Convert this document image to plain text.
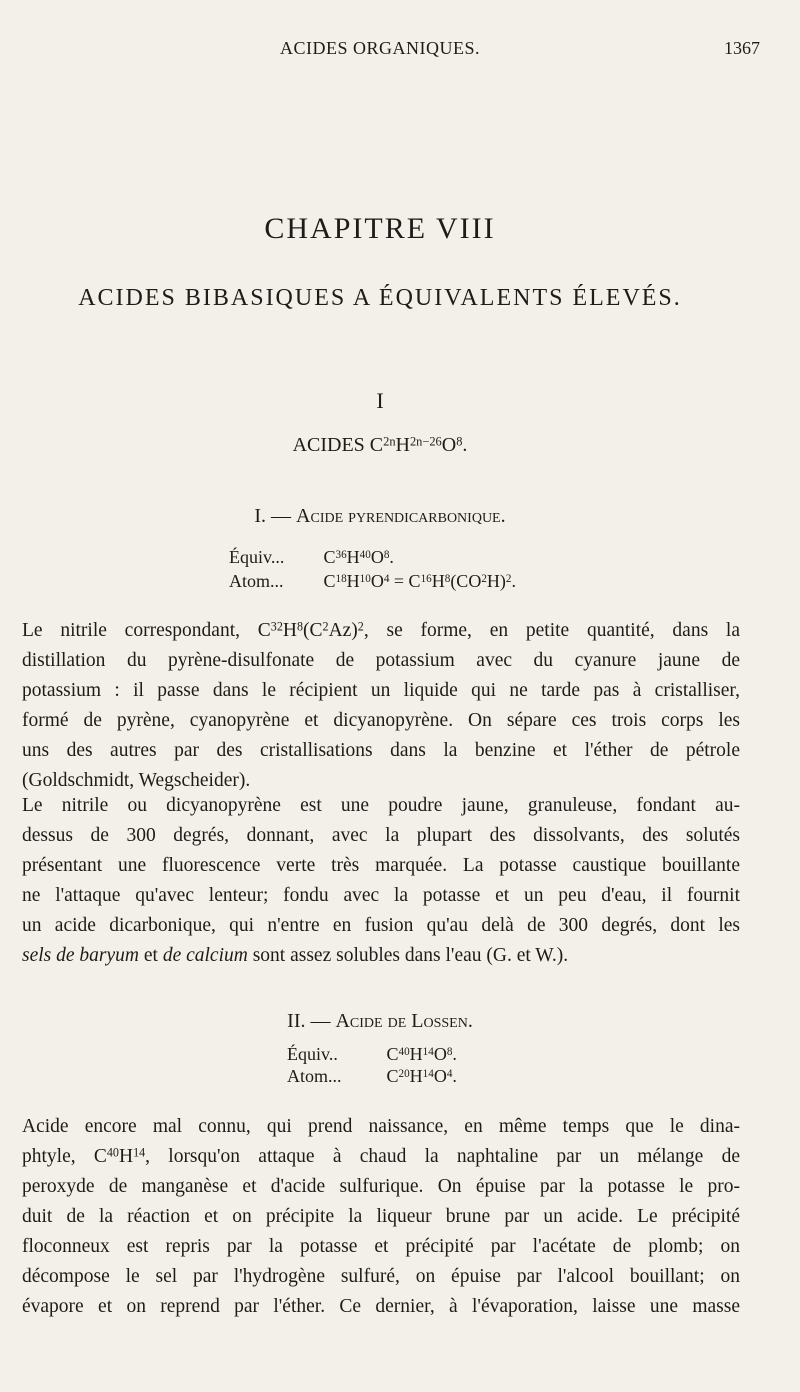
ACIDES ORGANIQUES.	1367
CHAPITRE VIII
ACIDES BIBASIQUES A ÉQUIVALENTS ÉLEVÉS.
I
ACIDES $C^{2n}H^{2n-26}O^8$.
I. — Acide pyrendicarbonique.
Équiv... $C^{36}H^{40}O^8$.
Atom... $C^{18}H^{10}O^4 = C^{16}H^8(CO^2H)^2$.
Le nitrile correspondant, $C^{32}H^8(C^2Az)^2$, se forme, en petite quantité, dans la
distillation du pyrène-disulfonate de potassium avec du cyanure jaune de
potassium : il passe dans le récipient un liquide qui ne tarde pas à cristalliser,
formé de pyrène, cyanopyrène et dicyanopyrène. On sépare ces trois corps les
uns des autres par des cristallisations dans la benzine et l'éther de pétrole
(Goldschmidt, Wegscheider).
Le nitrile ou dicyanopyrène est une poudre jaune, granuleuse, fondant au-
dessus de 300 degrés, donnant, avec la plupart des dissolvants, des solutés
présentant une fluorescence verte très marquée. La potasse caustique bouillante
ne l'attaque qu'avec lenteur; fondu avec la potasse et un peu d'eau, il fournit
un acide dicarbonique, qui n'entre en fusion qu'au delà de 300 degrés, dont les
sels de baryum et de calcium sont assez solubles dans l'eau (G. et W.).
II. — Acide de Lossen.
Équiv..	$C^{40}H^{14}O^8$.
Atom... $C^{20}H^{14}O^4$.
Acide encore mal connu, qui prend naissance, en même temps que le dina-
phtyle, $C^{40}H^{14}$, lorsqu'on attaque à chaud la naphtaline par un mélange de
peroxyde de manganèse et d'acide sulfurique. On épuise par la potasse le pro-
duit de la réaction et on précipite la liqueur brune par un acide. Le précipité
floconneux est repris par la potasse et précipité par l'acétate de plomb; on
décompose le sel par l'hydrogène sulfuré, on épuise par l'alcool bouillant; on
évapore et on reprend par l'éther. Ce dernier, à l'évaporation, laisse une masse
